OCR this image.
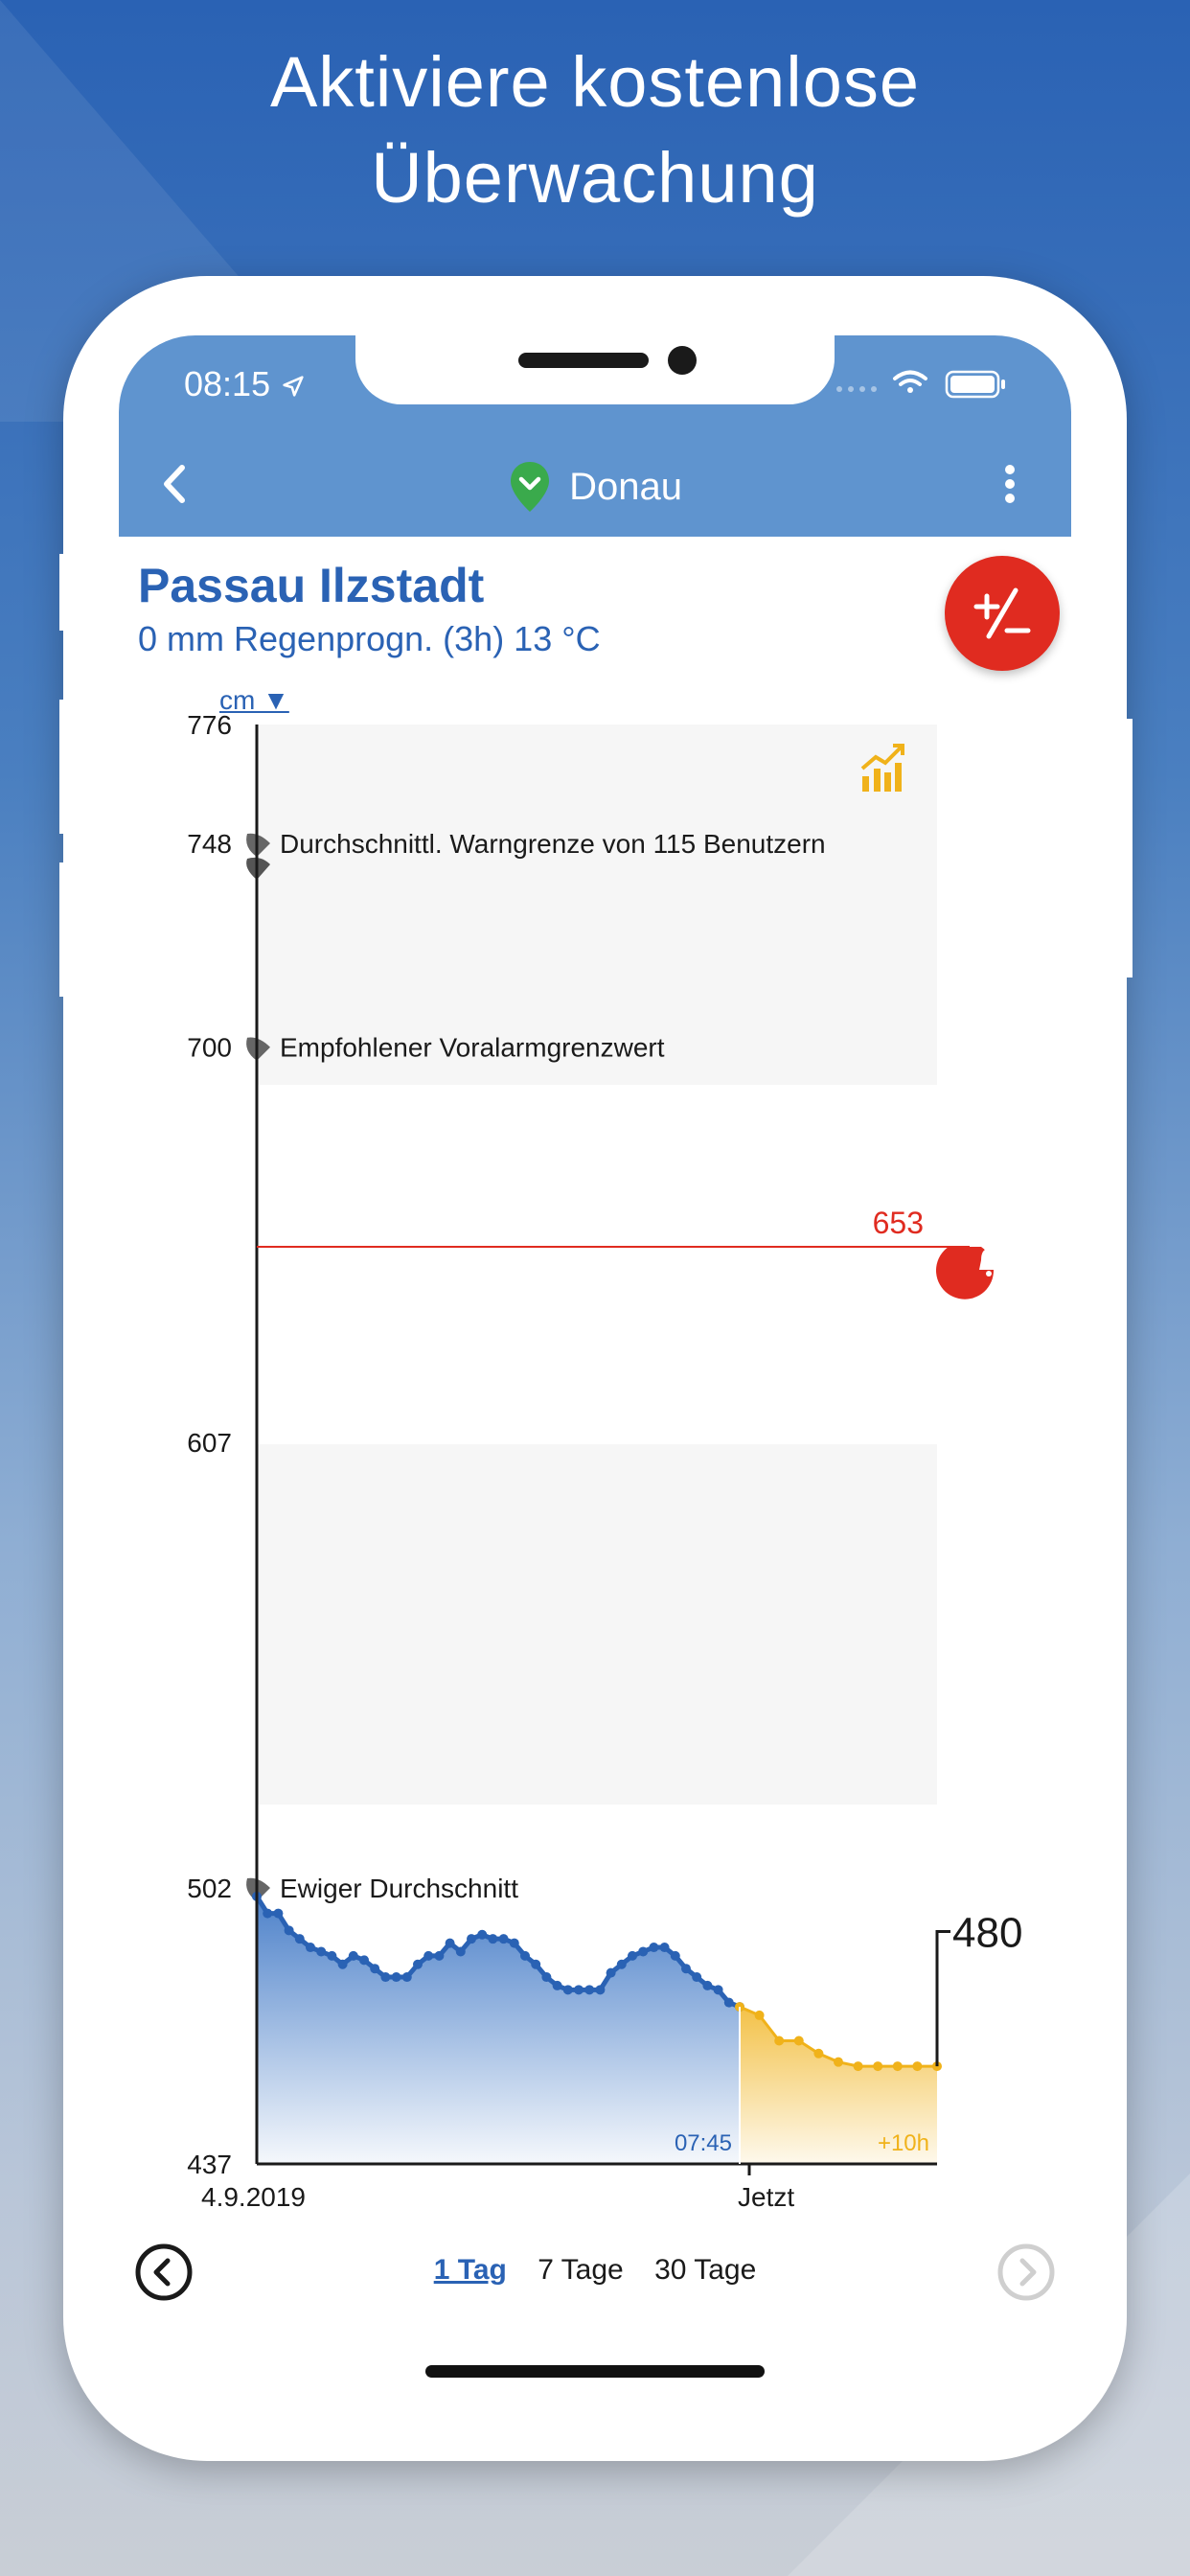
Aktiviere kostenlose
Überwachung
08:15
Donau
Passau Ilzstadt
0 mm Regenprogn. (3h) 13 °C
cm ▼
776
748
700
607
502
437
Durchschnittl. Warngrenze von 115 Benutzern
Empfohlener Voralarmgrenzwert
Ewiger Durchschnitt
653
07:45	+10h
480
4.9.2019	Jetzt
1 Tag 7 Tage 30 Tage
